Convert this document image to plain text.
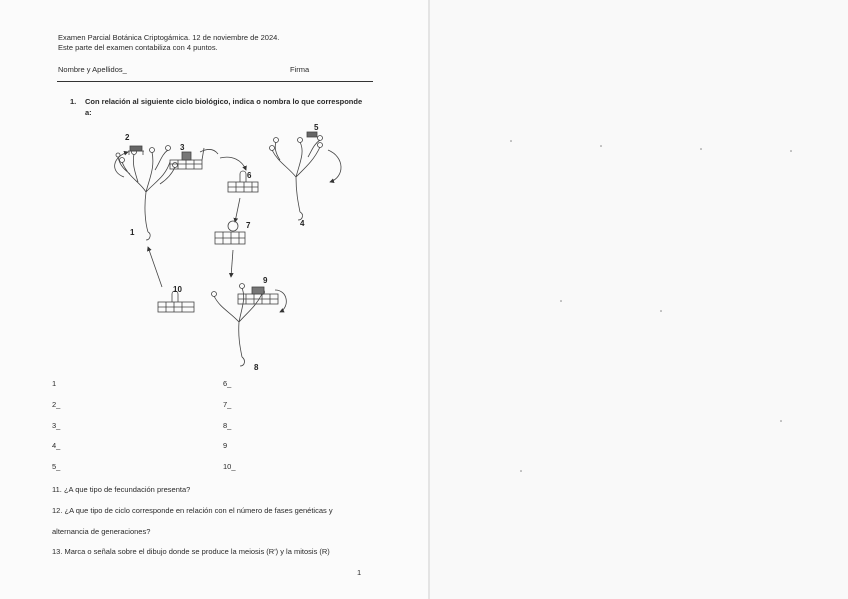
Examen Parcial Botánica Criptogámica. 12 de noviembre de 2024.
Este parte del examen contabiliza con 4 puntos.
Nombre y Apellidos_	Firma
1. Con relación al siguiente ciclo biológico, indica o nombra lo que corresponde
a:
1
2
3
4
5
6
7
8
9
10
1
2_
3_
4_
5_
6_
7_
8_
9
10_
11. ¿A que tipo de fecundación presenta?
12. ¿A que tipo de ciclo corresponde en relación con el número de fases genéticas y
alternancia de generaciones?
13. Marca o señala sobre el dibujo donde se produce la meiosis (R') y la mitosis (R)
1
